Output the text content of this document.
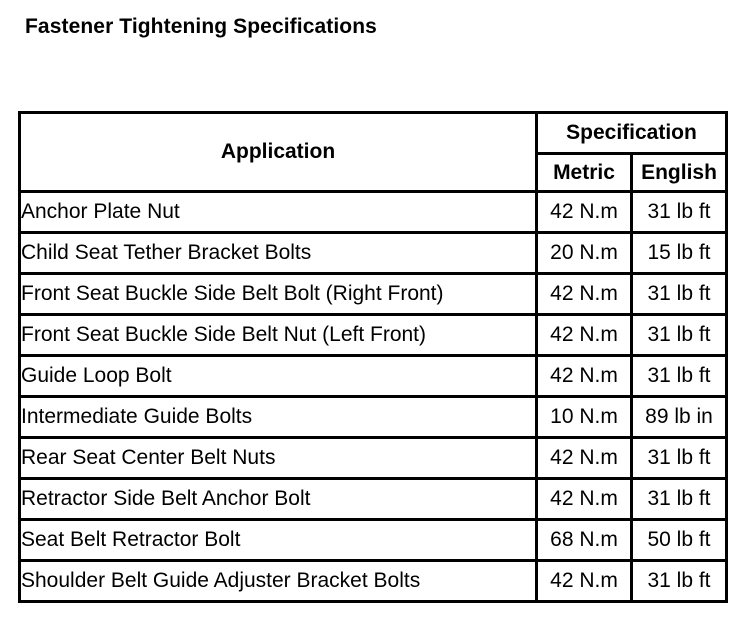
Fastener Tightening Specifications
Application	Specification	
	Metric	English
Anchor Plate Nut	42 N.m	31 lb ft
Child Seat Tether Bracket Bolts	20 N.m	15 lb ft
Front Seat Buckle Side Belt Bolt (Right Front)	42 N.m	31 lb ft
Front Seat Buckle Side Belt Nut (Left Front)	42 N.m	31 lb ft
Guide Loop Bolt	42 N.m	31 lb ft
Intermediate Guide Bolts	10 N.m	89 lb in
Rear Seat Center Belt Nuts	42 N.m	31 lb ft
Retractor Side Belt Anchor Bolt	42 N.m	31 lb ft
Seat Belt Retractor Bolt	68 N.m	50 lb ft
Shoulder Belt Guide Adjuster Bracket Bolts	42 N.m	31 lb ft
